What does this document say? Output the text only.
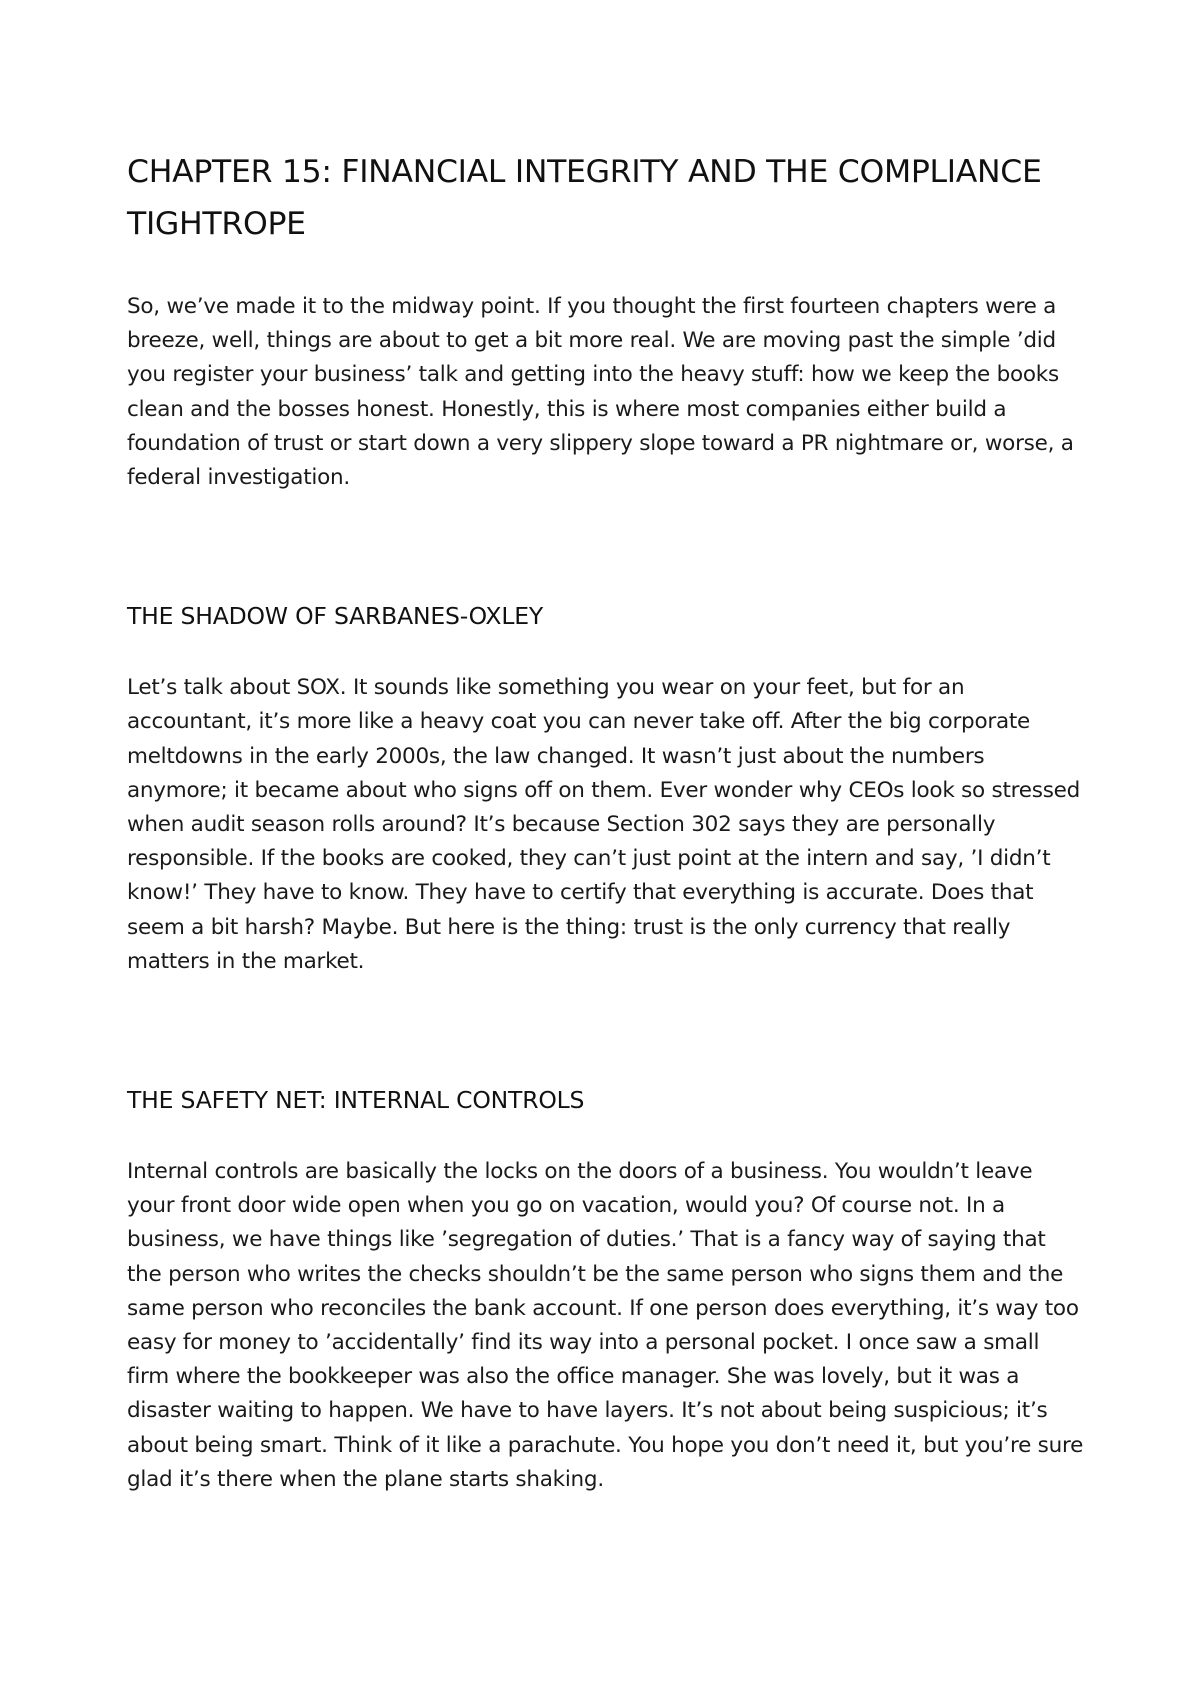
CHAPTER 15: FINANCIAL INTEGRITY AND THE COMPLIANCE TIGHTROPE

So, we’ve made it to the midway point. If you thought the first fourteen chapters were a breeze, well, things are about to get a bit more real. We are moving past the simple ’did you register your business’ talk and getting into the heavy stuff: how we keep the books clean and the bosses honest. Honestly, this is where most companies either build a foundation of trust or start down a very slippery slope toward a PR nightmare or, worse, a federal investigation.

THE SHADOW OF SARBANES-OXLEY

Let’s talk about SOX. It sounds like something you wear on your feet, but for an accountant, it’s more like a heavy coat you can never take off. After the big corporate meltdowns in the early 2000s, the law changed. It wasn’t just about the numbers anymore; it became about who signs off on them. Ever wonder why CEOs look so stressed when audit season rolls around? It’s because Section 302 says they are personally responsible. If the books are cooked, they can’t just point at the intern and say, ’I didn’t know!’ They have to know. They have to certify that everything is accurate. Does that seem a bit harsh? Maybe. But here is the thing: trust is the only currency that really matters in the market.

THE SAFETY NET: INTERNAL CONTROLS

Internal controls are basically the locks on the doors of a business. You wouldn’t leave your front door wide open when you go on vacation, would you? Of course not. In a business, we have things like ’segregation of duties.’ That is a fancy way of saying that the person who writes the checks shouldn’t be the same person who signs them and the same person who reconciles the bank account. If one person does everything, it’s way too easy for money to ’accidentally’ find its way into a personal pocket. I once saw a small firm where the bookkeeper was also the office manager. She was lovely, but it was a disaster waiting to happen. We have to have layers. It’s not about being suspicious; it’s about being smart. Think of it like a parachute. You hope you don’t need it, but you’re sure glad it’s there when the plane starts shaking.
